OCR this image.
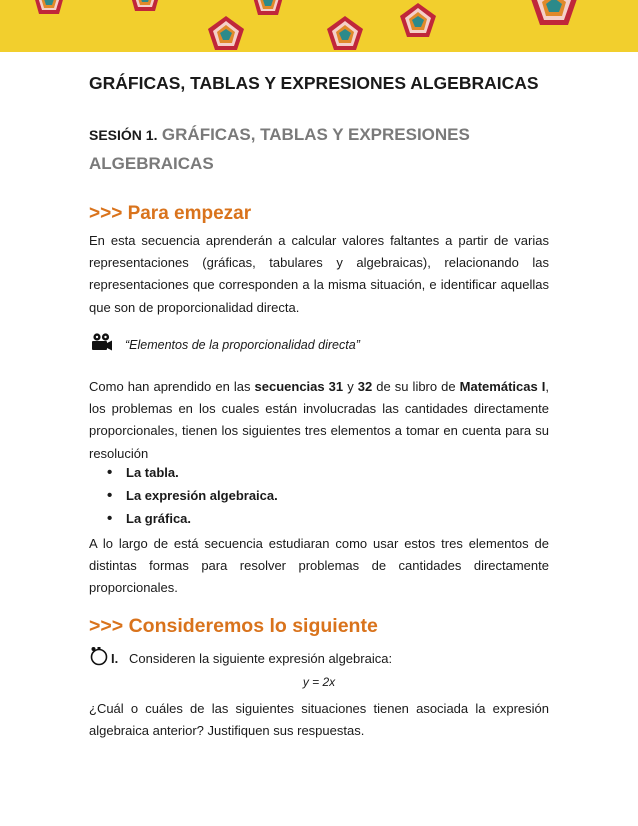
GRÁFICAS, TABLAS Y EXPRESIONES ALGEBRAICAS
SESIÓN 1. GRÁFICAS, TABLAS Y EXPRESIONES ALGEBRAICAS
>>> Para empezar
En esta secuencia aprenderán a calcular valores faltantes a partir de varias representaciones (gráficas, tabulares y algebraicas), relacionando las representaciones que corresponden a la misma situación, e identificar aquellas que son de proporcionalidad directa.
“Elementos de la proporcionalidad directa”
Como han aprendido en las secuencias 31 y 32 de su libro de Matemáticas I, los problemas en los cuales están involucradas las cantidades directamente proporcionales, tienen los siguientes tres elementos a tomar en cuenta para su resolución
• La tabla.
• La expresión algebraica.
• La gráfica.
A lo largo de está secuencia estudiaran como usar estos tres elementos de distintas formas para resolver problemas de cantidades directamente proporcionales.
>>> Consideremos lo siguiente
I. Consideren la siguiente expresión algebraica:
y = 2x
¿Cuál o cuáles de las siguientes situaciones tienen asociada la expresión algebraica anterior? Justifiquen sus respuestas.
